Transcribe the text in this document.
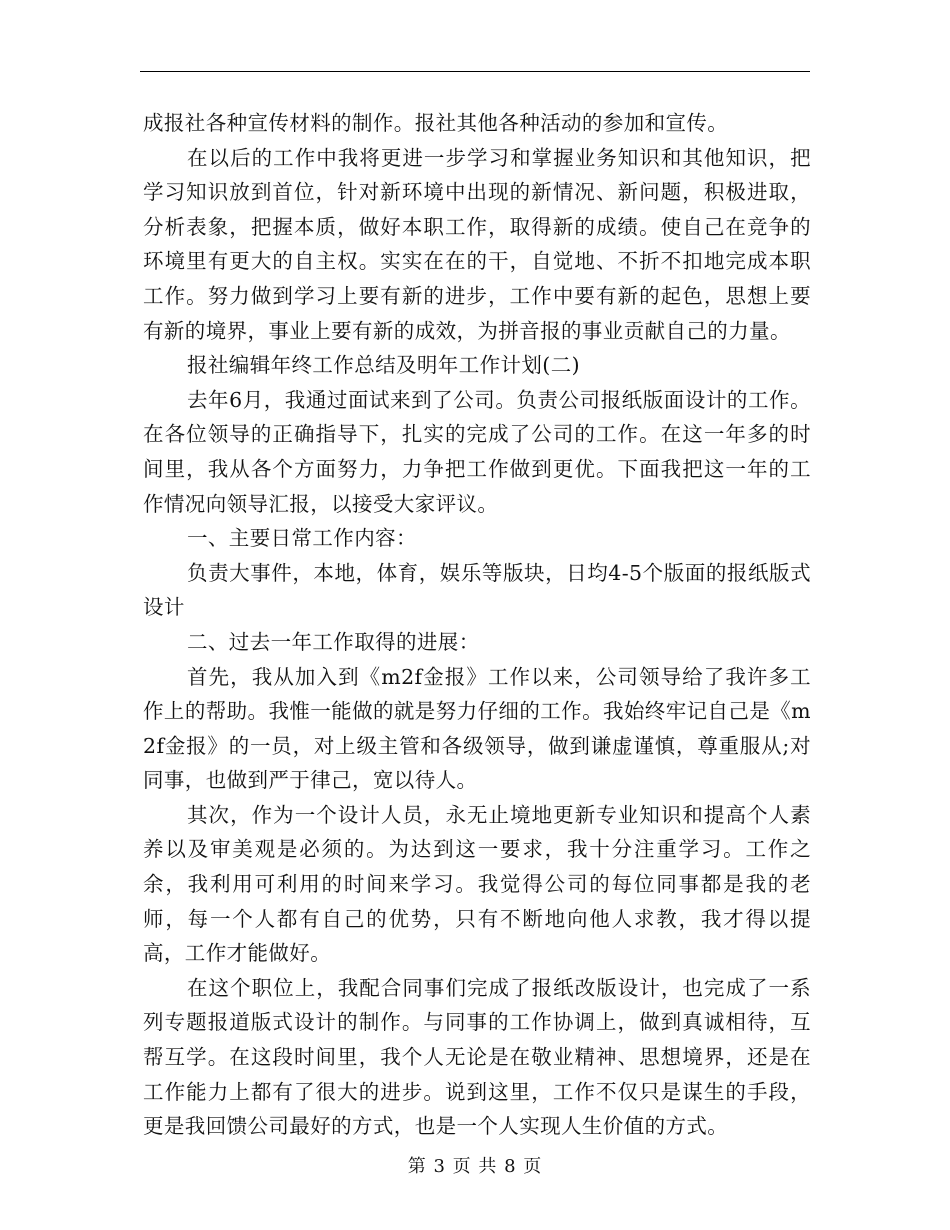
成报社各种宣传材料的制作。报社其他各种活动的参加和宣传。

在以后的工作中我将更进一步学习和掌握业务知识和其他知识，把学习知识放到首位，针对新环境中出现的新情况、新问题，积极进取，分析表象，把握本质，做好本职工作，取得新的成绩。使自己在竞争的环境里有更大的自主权。实实在在的干，自觉地、不折不扣地完成本职工作。努力做到学习上要有新的进步，工作中要有新的起色，思想上要有新的境界，事业上要有新的成效，为拼音报的事业贡献自己的力量。

报社编辑年终工作总结及明年工作计划(二)

去年6月，我通过面试来到了公司。负责公司报纸版面设计的工作。在各位领导的正确指导下，扎实的完成了公司的工作。在这一年多的时间里，我从各个方面努力，力争把工作做到更优。下面我把这一年的工作情况向领导汇报，以接受大家评议。

一、主要日常工作内容：

负责大事件，本地，体育，娱乐等版块，日均4-5个版面的报纸版式设计

二、过去一年工作取得的进展：

首先，我从加入到《m2f金报》工作以来，公司领导给了我许多工作上的帮助。我惟一能做的就是努力仔细的工作。我始终牢记自己是《m2f金报》的一员，对上级主管和各级领导，做到谦虚谨慎，尊重服从;对同事，也做到严于律己，宽以待人。

其次，作为一个设计人员，永无止境地更新专业知识和提高个人素养以及审美观是必须的。为达到这一要求，我十分注重学习。工作之余，我利用可利用的时间来学习。我觉得公司的每位同事都是我的老师，每一个人都有自己的优势，只有不断地向他人求教，我才得以提高，工作才能做好。

在这个职位上，我配合同事们完成了报纸改版设计，也完成了一系列专题报道版式设计的制作。与同事的工作协调上，做到真诚相待，互帮互学。在这段时间里，我个人无论是在敬业精神、思想境界，还是在工作能力上都有了很大的进步。说到这里，工作不仅只是谋生的手段，更是我回馈公司最好的方式，也是一个人实现人生价值的方式。

第 3 页 共 8 页
